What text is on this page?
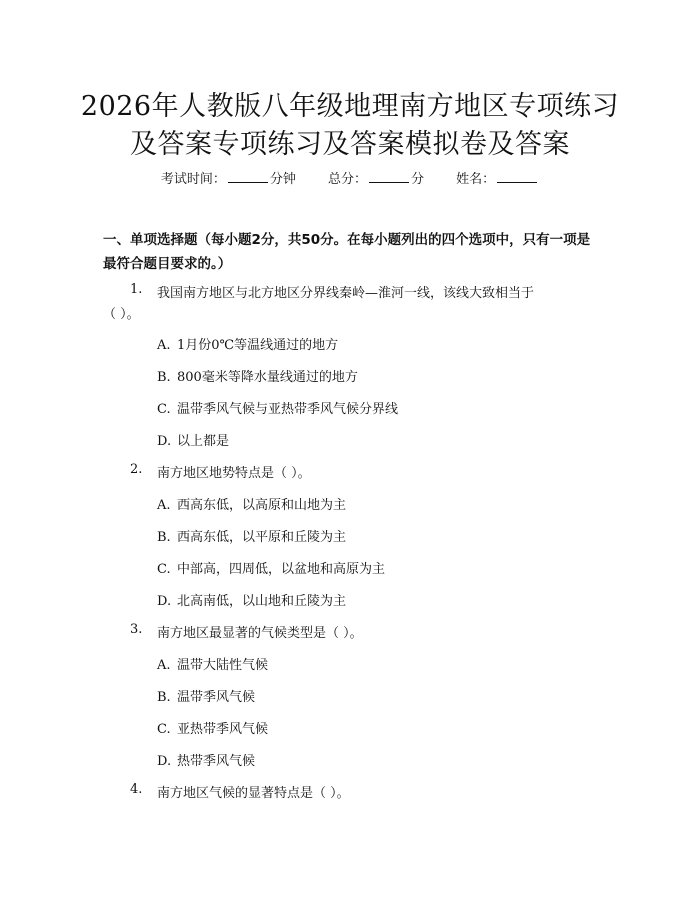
2026年人教版八年级地理南方地区专项练习
及答案专项练习及答案模拟卷及答案
考试时间：	分钟 总分：	分 姓名：
一、单项选择题（每小题2分，共50分。在每小题列出的四个选项中，只有一项是最符合题目要求的。）
1. 我国南方地区与北方地区分界线秦岭—淮河一线，该线大致相当于
（ ）。
A. 1月份0℃等温线通过的地方
B. 800毫米等降水量线通过的地方
C. 温带季风气候与亚热带季风气候分界线
D. 以上都是
2. 南方地区地势特点是（ ）。
A. 西高东低，以高原和山地为主
B. 西高东低，以平原和丘陵为主
C. 中部高，四周低，以盆地和高原为主
D. 北高南低，以山地和丘陵为主
3. 南方地区最显著的气候类型是（ ）。
A. 温带大陆性气候
B. 温带季风气候
C. 亚热带季风气候
D. 热带季风气候
4. 南方地区气候的显著特点是（ ）。
